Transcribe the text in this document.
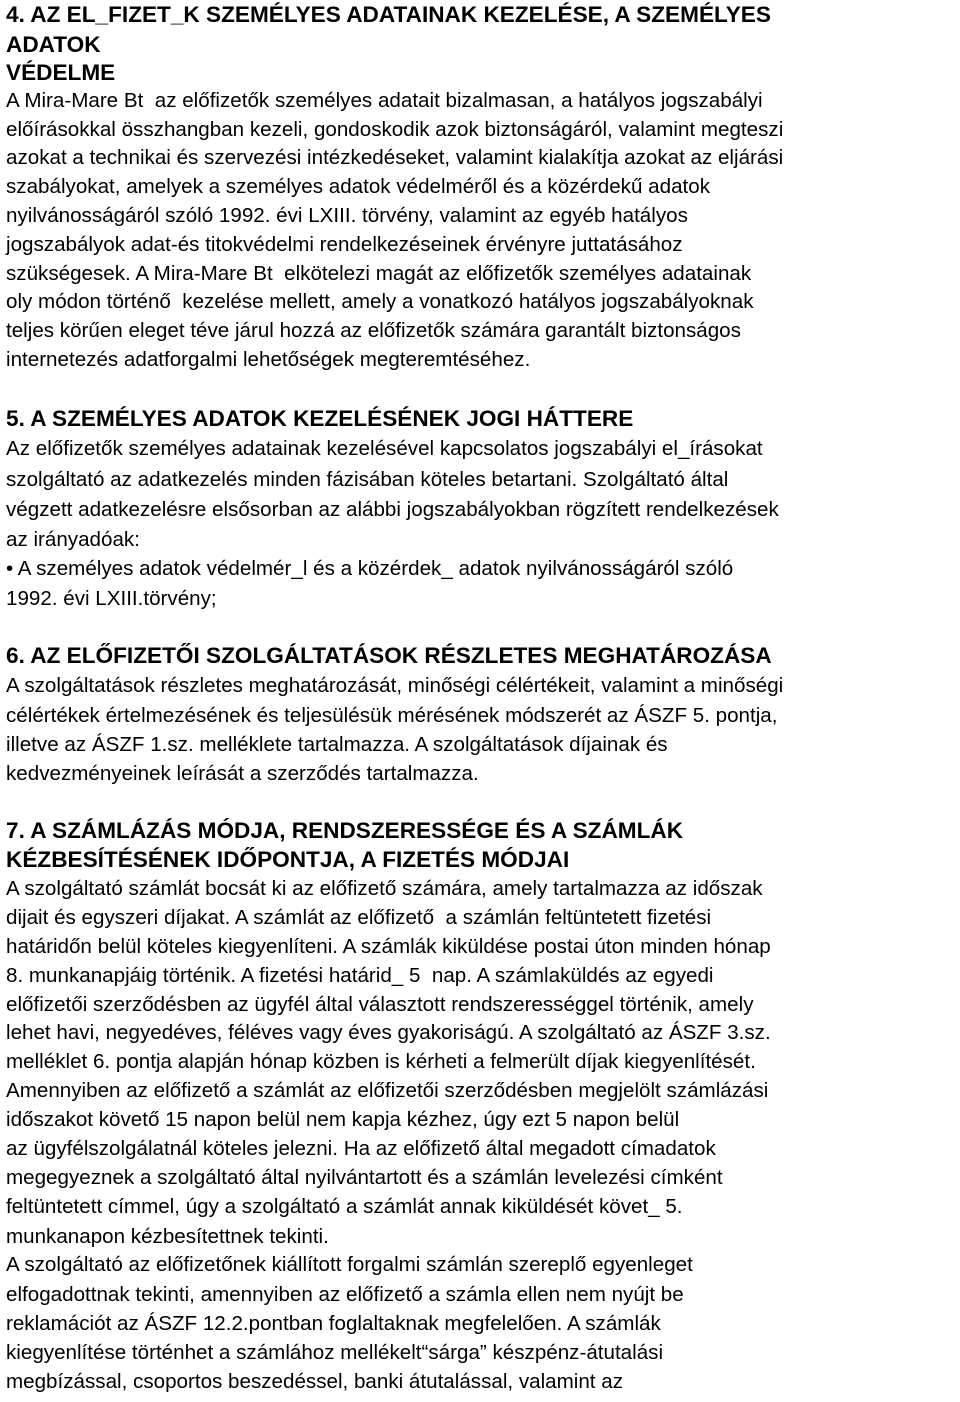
4. AZ EL_FIZET_K SZEMÉLYES ADATAINAK KEZELÉSE, A SZEMÉLYES
ADATOK
VÉDELME
A Mira-Mare Bt  az előfizetők személyes adatait bizalmasan, a hatályos jogszabályi
előírásokkal összhangban kezeli, gondoskodik azok biztonságáról, valamint megteszi
azokat a technikai és szervezési intézkedéseket, valamint kialakítja azokat az eljárási
szabályokat, amelyek a személyes adatok védelméről és a közérdekű adatok
nyilvánosságáról szóló 1992. évi LXIII. törvény, valamint az egyéb hatályos
jogszabályok adat-és titokvédelmi rendelkezéseinek érvényre juttatásához
szükségesek. A Mira-Mare Bt  elkötelezi magát az előfizetők személyes adatainak
oly módon történő  kezelése mellett, amely a vonatkozó hatályos jogszabályoknak
teljes körűen eleget téve járul hozzá az előfizetők számára garantált biztonságos
internetezés adatforgalmi lehetőségek megteremtéséhez.
5. A SZEMÉLYES ADATOK KEZELÉSÉNEK JOGI HÁTTERE
Az előfizetők személyes adatainak kezelésével kapcsolatos jogszabályi el_írásokat
szolgáltató az adatkezelés minden fázisában köteles betartani. Szolgáltató által
végzett adatkezelésre elsősorban az alábbi jogszabályokban rögzített rendelkezések
az irányadóak:
• A személyes adatok védelmér_l és a közérdek_ adatok nyilvánosságáról szóló
1992. évi LXIII.törvény;
6. AZ ELŐFIZETŐI SZOLGÁLTATÁSOK RÉSZLETES MEGHATÁROZÁSA
A szolgáltatások részletes meghatározását, minőségi célértékeit, valamint a minőségi
célértékek értelmezésének és teljesülésük mérésének módszerét az ÁSZF 5. pontja,
illetve az ÁSZF 1.sz. melléklete tartalmazza. A szolgáltatások díjainak és
kedvezményeinek leírását a szerződés tartalmazza.
7. A SZÁMLÁZÁS MÓDJA, RENDSZERESSÉGE ÉS A SZÁMLÁK
KÉZBESÍTÉSÉNEK IDŐPONTJA, A FIZETÉS MÓDJAI
A szolgáltató számlát bocsát ki az előfizető számára, amely tartalmazza az időszak
dijait és egyszeri díjakat. A számlát az előfizető  a számlán feltüntetett fizetési
határidőn belül köteles kiegyenlíteni. A számlák kiküldése postai úton minden hónap
8. munkanapjáig történik. A fizetési határid_ 5  nap. A számlaküldés az egyedi
előfizetői szerződésben az ügyfél által választott rendszerességgel történik, amely
lehet havi, negyedéves, féléves vagy éves gyakoriságú. A szolgáltató az ÁSZF 3.sz.
melléklet 6. pontja alapján hónap közben is kérheti a felmerült díjak kiegyenlítését.
Amennyiben az előfizető a számlát az előfizetői szerződésben megjelölt számlázási
időszakot követő 15 napon belül nem kapja kézhez, úgy ezt 5 napon belül
az ügyfélszolgálatnál köteles jelezni. Ha az előfizető által megadott címadatok
megegyeznek a szolgáltató által nyilvántartott és a számlán levelezési címként
feltüntetett címmel, úgy a szolgáltató a számlát annak kiküldését követ_ 5.
munkanapon kézbesítettnek tekinti.
A szolgáltató az előfizetőnek kiállított forgalmi számlán szereplő egyenleget
elfogadottnak tekinti, amennyiben az előfizető a számla ellen nem nyújt be
reklamációt az ÁSZF 12.2.pontban foglaltaknak megfelelően. A számlák
kiegyenlítése történhet a számlához mellékelt“sárga” készpénz-átutalási
megbízással, csoportos beszedéssel, banki átutalással, valamint az
